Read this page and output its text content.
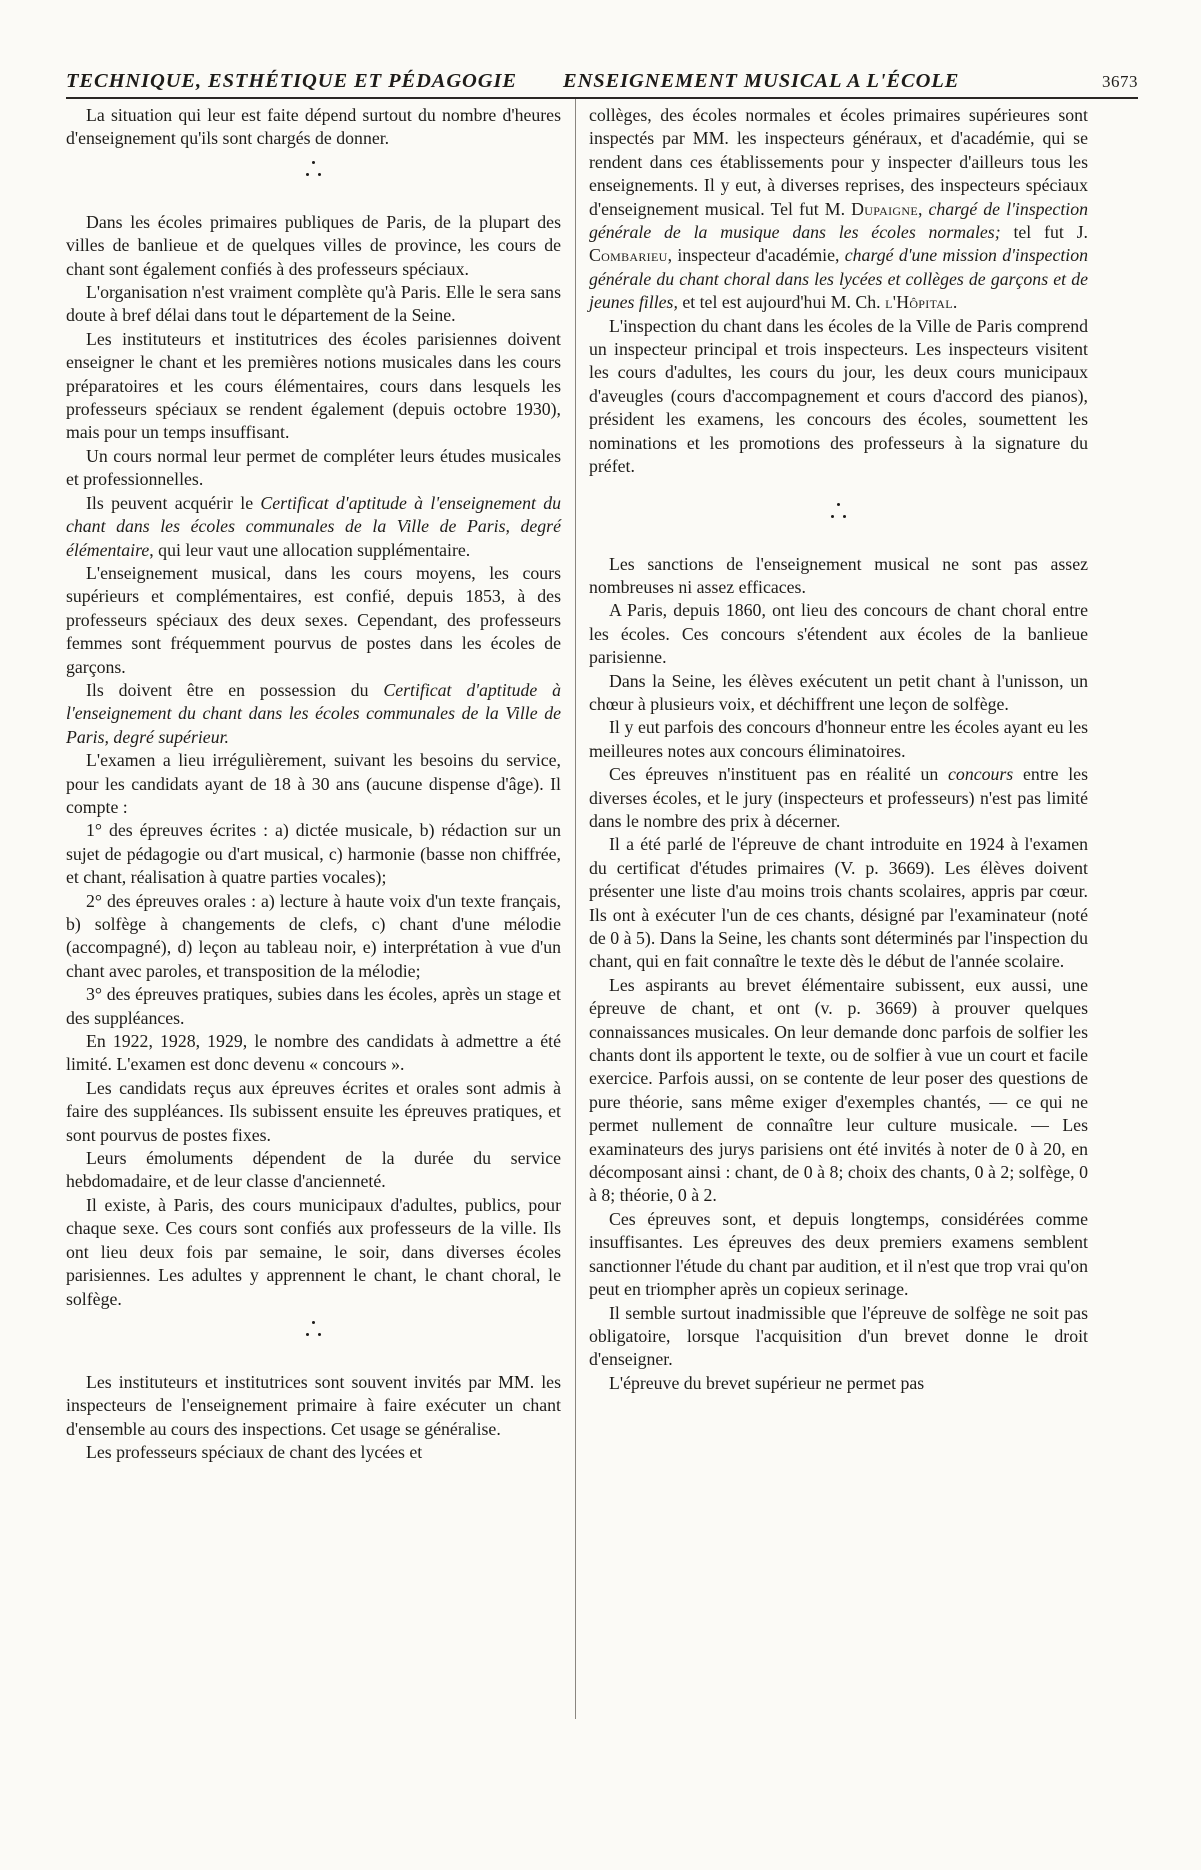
TECHNIQUE, ESTHÉTIQUE ET PÉDAGOGIE ENSEIGNEMENT MUSICAL A L'ÉCOLE	3673

La situation qui leur est faite dépend surtout du nombre d'heures d'enseignement qu'ils sont chargés de donner.

Dans les écoles primaires publiques de Paris, de la plupart des villes de banlieue et de quelques villes de province, les cours de chant sont également confiés à des professeurs spéciaux.

L'organisation n'est vraiment complète qu'à Paris. Elle le sera sans doute à bref délai dans tout le département de la Seine.

Les instituteurs et institutrices des écoles parisiennes doivent enseigner le chant et les premières notions musicales dans les cours préparatoires et les cours élémentaires, cours dans lesquels les professeurs spéciaux se rendent également (depuis octobre 1930), mais pour un temps insuffisant.

Un cours normal leur permet de compléter leurs études musicales et professionnelles.

Ils peuvent acquérir le Certificat d'aptitude à l'enseignement du chant dans les écoles communales de la Ville de Paris, degré élémentaire, qui leur vaut une allocation supplémentaire.

L'enseignement musical, dans les cours moyens, les cours supérieurs et complémentaires, est confié, depuis 1853, à des professeurs spéciaux des deux sexes. Cependant, des professeurs femmes sont fréquemment pourvus de postes dans les écoles de garçons.

Ils doivent être en possession du Certificat d'aptitude à l'enseignement du chant dans les écoles communales de la Ville de Paris, degré supérieur.

L'examen a lieu irrégulièrement, suivant les besoins du service, pour les candidats ayant de 18 à 30 ans (aucune dispense d'âge). Il compte :

1° des épreuves écrites : a) dictée musicale, b) rédaction sur un sujet de pédagogie ou d'art musical, c) harmonie (basse non chiffrée, et chant, réalisation à quatre parties vocales);

2° des épreuves orales : a) lecture à haute voix d'un texte français, b) solfège à changements de clefs, c) chant d'une mélodie (accompagné), d) leçon au tableau noir, e) interprétation à vue d'un chant avec paroles, et transposition de la mélodie;

3° des épreuves pratiques, subies dans les écoles, après un stage et des suppléances.

En 1922, 1928, 1929, le nombre des candidats à admettre a été limité. L'examen est donc devenu « concours ».

Les candidats reçus aux épreuves écrites et orales sont admis à faire des suppléances. Ils subissent ensuite les épreuves pratiques, et sont pourvus de postes fixes.

Leurs émoluments dépendent de la durée du service hebdomadaire, et de leur classe d'ancienneté.

Il existe, à Paris, des cours municipaux d'adultes, publics, pour chaque sexe. Ces cours sont confiés aux professeurs de la ville. Ils ont lieu deux fois par semaine, le soir, dans diverses écoles parisiennes. Les adultes y apprennent le chant, le chant choral, le solfège.

Les instituteurs et institutrices sont souvent invités par MM. les inspecteurs de l'enseignement primaire à faire exécuter un chant d'ensemble au cours des inspections. Cet usage se généralise.

Les professeurs spéciaux de chant des lycées et

collèges, des écoles normales et écoles primaires supérieures sont inspectés par MM. les inspecteurs généraux, et d'académie, qui se rendent dans ces établissements pour y inspecter d'ailleurs tous les enseignements. Il y eut, à diverses reprises, des inspecteurs spéciaux d'enseignement musical. Tel fut M. Dupaigne, chargé de l'inspection générale de la musique dans les écoles normales; tel fut J. Combarieu, inspecteur d'académie, chargé d'une mission d'inspection générale du chant choral dans les lycées et collèges de garçons et de jeunes filles, et tel est aujourd'hui M. Ch. l'Hôpital.

L'inspection du chant dans les écoles de la Ville de Paris comprend un inspecteur principal et trois inspecteurs. Les inspecteurs visitent les cours d'adultes, les cours du jour, les deux cours municipaux d'aveugles (cours d'accompagnement et cours d'accord des pianos), président les examens, les concours des écoles, soumettent les nominations et les promotions des professeurs à la signature du préfet.

Les sanctions de l'enseignement musical ne sont pas assez nombreuses ni assez efficaces.

A Paris, depuis 1860, ont lieu des concours de chant choral entre les écoles. Ces concours s'étendent aux écoles de la banlieue parisienne.

Dans la Seine, les élèves exécutent un petit chant à l'unisson, un chœur à plusieurs voix, et déchiffrent une leçon de solfège.

Il y eut parfois des concours d'honneur entre les écoles ayant eu les meilleures notes aux concours éliminatoires.

Ces épreuves n'instituent pas en réalité un concours entre les diverses écoles, et le jury (inspecteurs et professeurs) n'est pas limité dans le nombre des prix à décerner.

Il a été parlé de l'épreuve de chant introduite en 1924 à l'examen du certificat d'études primaires (V. p. 3669). Les élèves doivent présenter une liste d'au moins trois chants scolaires, appris par cœur. Ils ont à exécuter l'un de ces chants, désigné par l'examinateur (noté de 0 à 5). Dans la Seine, les chants sont déterminés par l'inspection du chant, qui en fait connaître le texte dès le début de l'année scolaire.

Les aspirants au brevet élémentaire subissent, eux aussi, une épreuve de chant, et ont (v. p. 3669) à prouver quelques connaissances musicales. On leur demande donc parfois de solfier les chants dont ils apportent le texte, ou de solfier à vue un court et facile exercice. Parfois aussi, on se contente de leur poser des questions de pure théorie, sans même exiger d'exemples chantés, — ce qui ne permet nullement de connaître leur culture musicale. — Les examinateurs des jurys parisiens ont été invités à noter de 0 à 20, en décomposant ainsi : chant, de 0 à 8; choix des chants, 0 à 2; solfège, 0 à 8; théorie, 0 à 2.

Ces épreuves sont, et depuis longtemps, considérées comme insuffisantes. Les épreuves des deux premiers examens semblent sanctionner l'étude du chant par audition, et il n'est que trop vrai qu'on peut en triompher après un copieux serinage.

Il semble surtout inadmissible que l'épreuve de solfège ne soit pas obligatoire, lorsque l'acquisition d'un brevet donne le droit d'enseigner.

L'épreuve du brevet supérieur ne permet pas
